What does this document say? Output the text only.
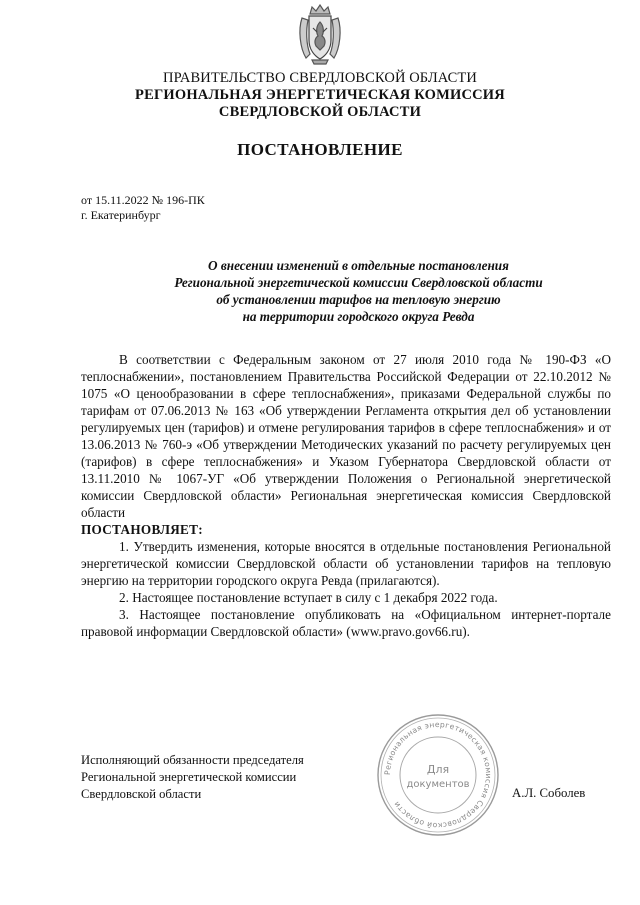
ПРАВИТЕЛЬСТВО СВЕРДЛОВСКОЙ ОБЛАСТИ
РЕГИОНАЛЬНАЯ ЭНЕРГЕТИЧЕСКАЯ КОМИССИЯ
СВЕРДЛОВСКОЙ ОБЛАСТИ
ПОСТАНОВЛЕНИЕ
от 15.11.2022 № 196-ПК
г. Екатеринбург
О внесении изменений в отдельные постановления
Региональной энергетической комиссии Свердловской области
об установлении тарифов на тепловую энергию
на территории городского округа Ревда

В соответствии с Федеральным законом от 27 июля 2010 года № 190-ФЗ «О теплоснабжении», постановлением Правительства Российской Федерации от 22.10.2012 № 1075 «О ценообразовании в сфере теплоснабжения», приказами Федеральной службы по тарифам от 07.06.2013 № 163 «Об утверждении Регламента открытия дел об установлении регулируемых цен (тарифов) и отмене регулирования тарифов в сфере теплоснабжения» и от 13.06.2013 № 760-э «Об утверждении Методических указаний по расчету регулируемых цен (тарифов) в сфере теплоснабжения» и Указом Губернатора Свердловской области от 13.11.2010 № 1067-УГ «Об утверждении Положения о Региональной энергетической комиссии Свердловской области» Региональная энергетическая комиссия Свердловской области

ПОСТАНОВЛЯЕТ:

1. Утвердить изменения, которые вносятся в отдельные постановления Региональной энергетической комиссии Свердловской области об установлении тарифов на тепловую энергию на территории городского округа Ревда (прилагаются).

2. Настоящее постановление вступает в силу с 1 декабря 2022 года.

3. Настоящее постановление опубликовать на «Официальном интернет-портале правовой информации Свердловской области» (www.pravo.gov66.ru).

Исполняющий обязанности председателя
Региональной энергетической комиссии
Свердловской области
Региональная энергетическая комиссия Свердловской области
Для
документов
А.Л. Соболев
